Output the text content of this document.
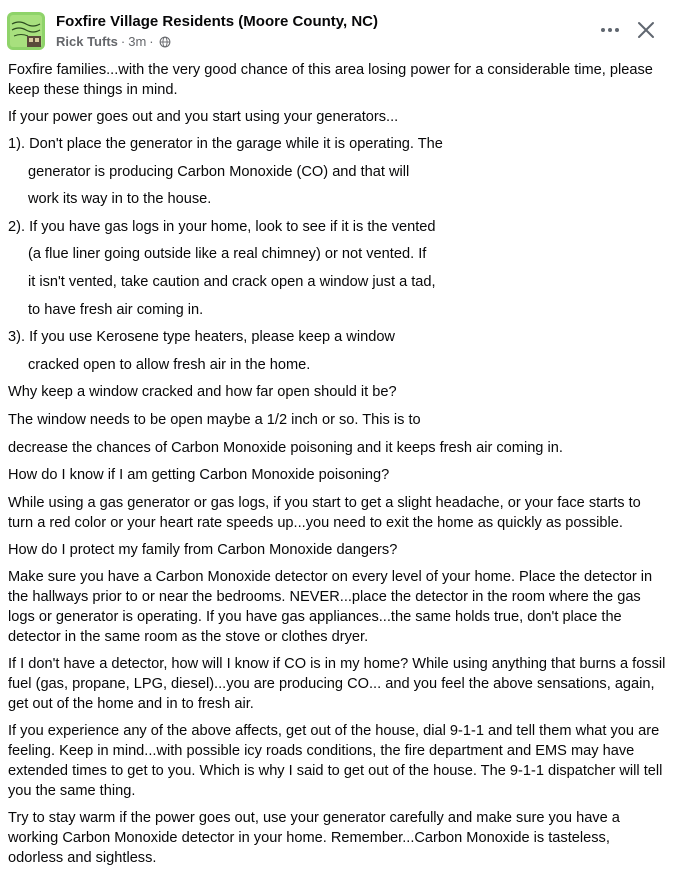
Foxfire Village Residents (Moore County, NC)
Rick Tufts · 3m ·

Foxfire families...with the very good chance of this area losing power for a considerable time, please keep these things in mind.

If your power goes out and you start using your generators...

1). Don't place the generator in the garage while it is operating. The
generator is producing Carbon Monoxide (CO) and that will
work its way in to the house.
2). If you have gas logs in your home, look to see if it is the vented
(a flue liner going outside like a real chimney) or not vented. If
it isn't vented, take caution and crack open a window just a tad,
to have fresh air coming in.
3). If you use Kerosene type heaters, please keep a window
cracked open to allow fresh air in the home.
Why keep a window cracked and how far open should it be?
The window needs to be open maybe a 1/2 inch or so. This is to
decrease the chances of Carbon Monoxide poisoning and it keeps fresh air coming in.
How do I know if I am getting Carbon Monoxide poisoning?

While using a gas generator or gas logs, if you start to get a slight headache, or your face starts to turn a red color or your heart rate speeds up...you need to exit the home as quickly as possible.

How do I protect my family from Carbon Monoxide dangers?

Make sure you have a Carbon Monoxide detector on every level of your home. Place the detector in the hallways prior to or near the bedrooms. NEVER...place the detector in the room where the gas logs or generator is operating. If you have gas appliances...the same holds true, don't place the detector in the same room as the stove or clothes dryer.

If I don't have a detector, how will I know if CO is in my home? While using anything that burns a fossil fuel (gas, propane, LPG, diesel)...you are producing CO... and you feel the above sensations, again, get out of the home and in to fresh air.

If you experience any of the above affects, get out of the house, dial 9-1-1 and tell them what you are feeling. Keep in mind...with possible icy roads conditions, the fire department and EMS may have extended times to get to you. Which is why I said to get out of the house. The 9-1-1 dispatcher will tell you the same thing.

Try to stay warm if the power goes out, use your generator carefully and make sure you have a working Carbon Monoxide detector in your home. Remember...Carbon Monoxide is tasteless, odorless and sightless.
